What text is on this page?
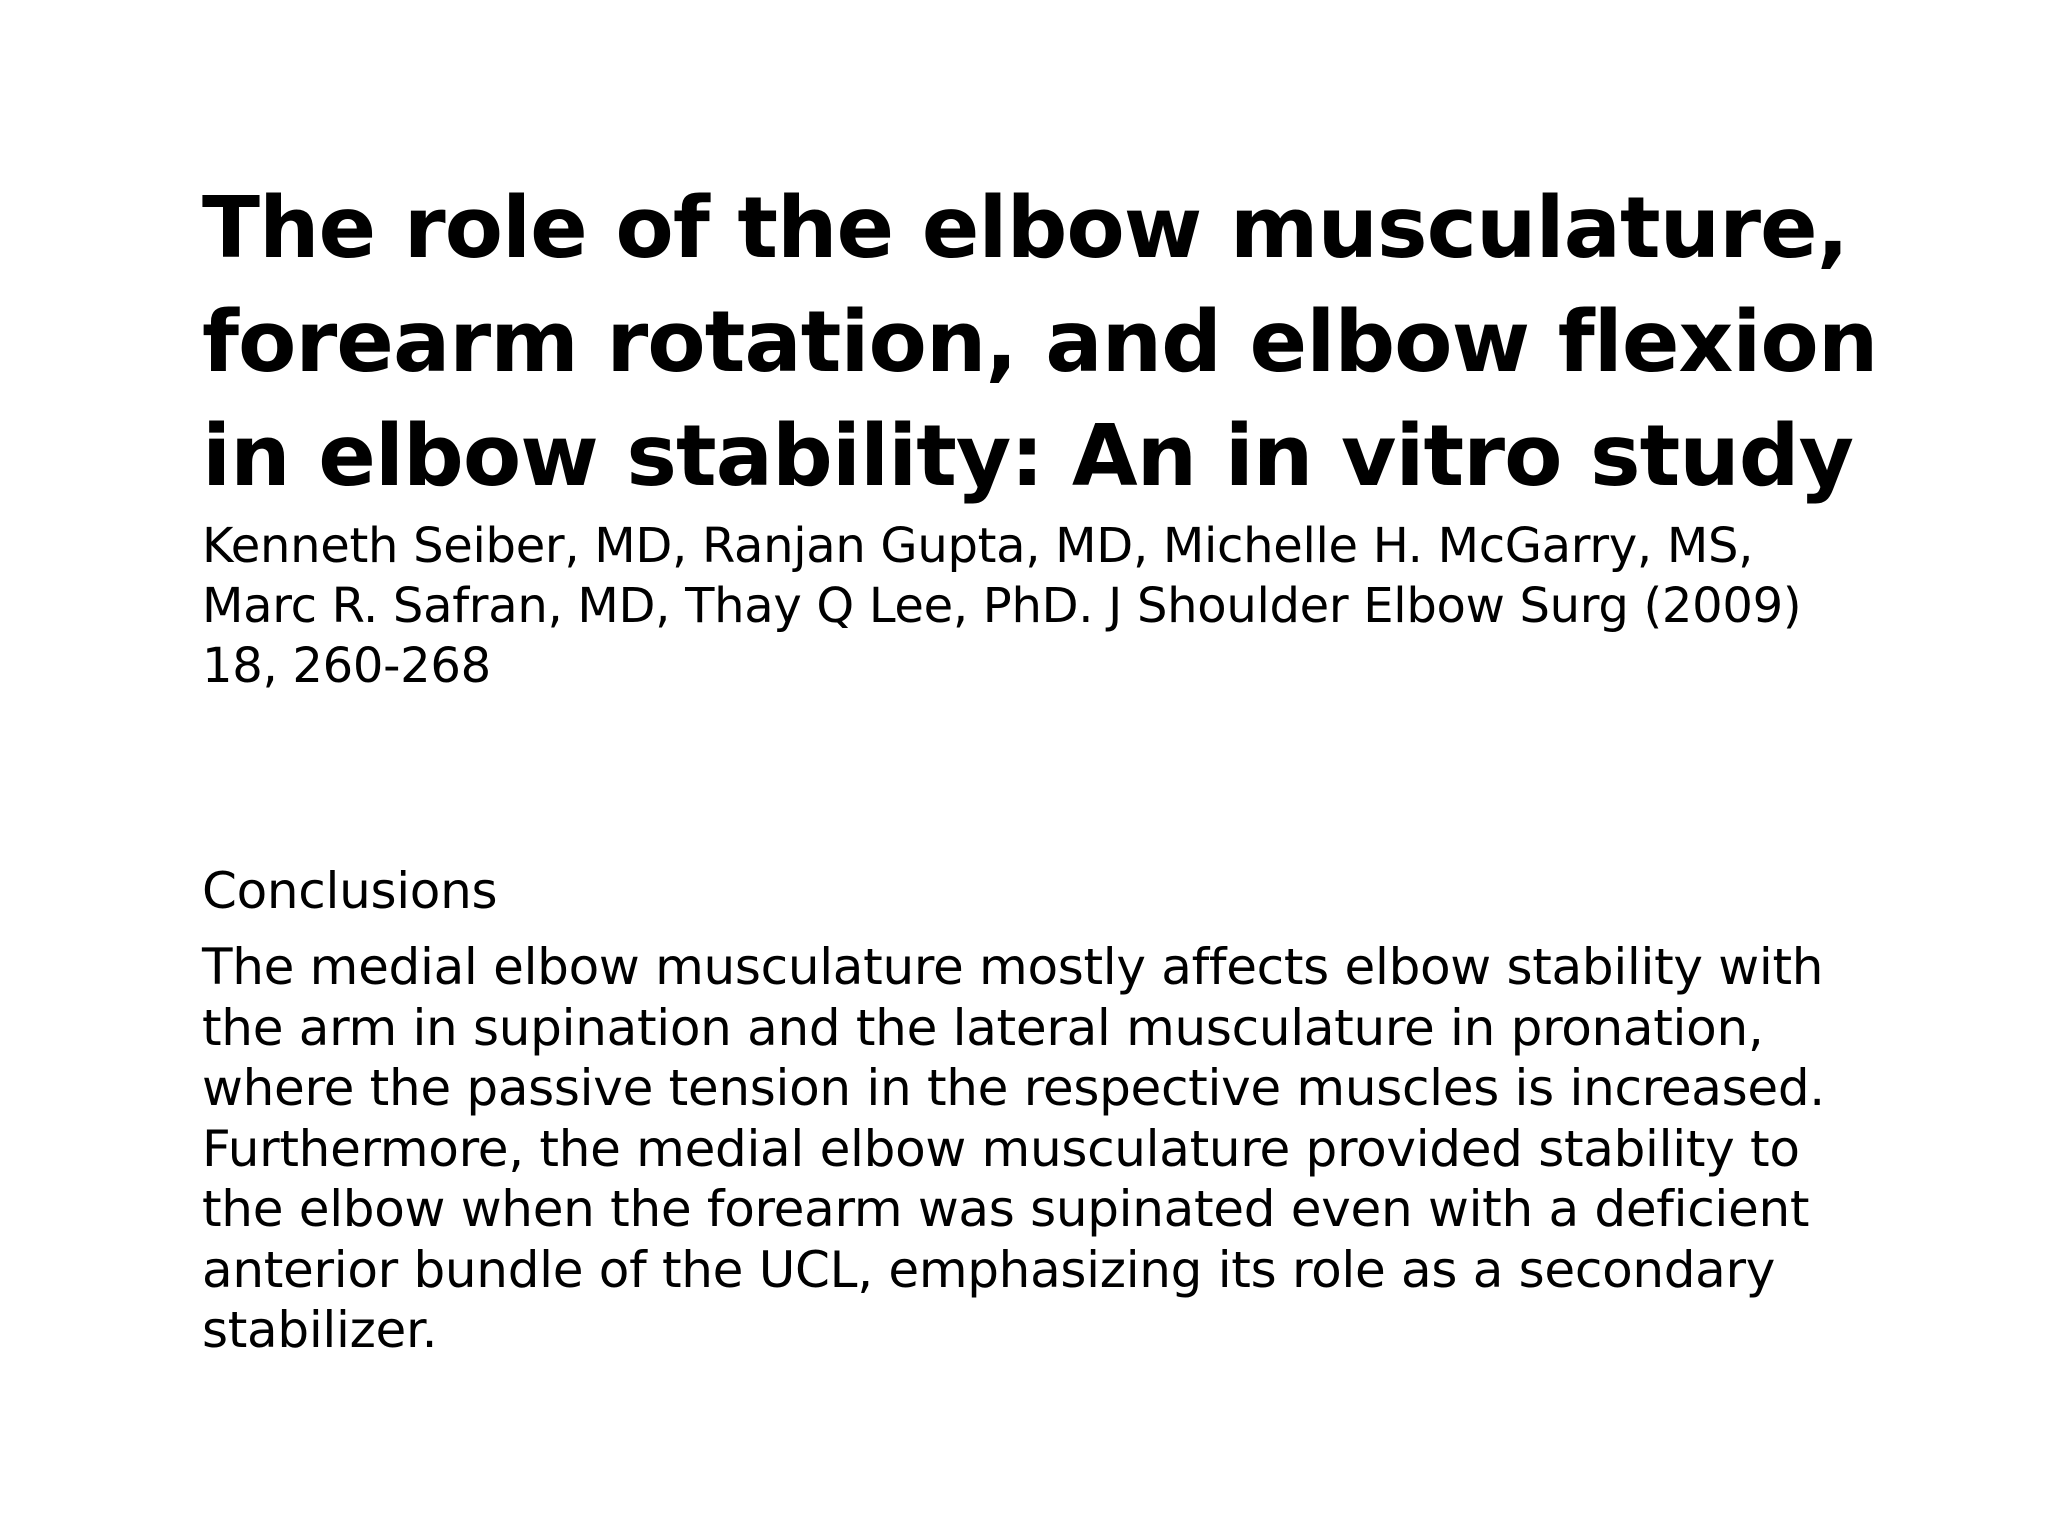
The role of the elbow musculature,
forearm rotation, and elbow flexion
in elbow stability: An in vitro study

Kenneth Seiber, MD, Ranjan Gupta, MD, Michelle H. McGarry, MS,
Marc R. Safran, MD, Thay Q Lee, PhD. J Shoulder Elbow Surg (2009)
18, 260-268

Conclusions

The medial elbow musculature mostly affects elbow stability with
the arm in supination and the lateral musculature in pronation,
where the passive tension in the respective muscles is increased.
Furthermore, the medial elbow musculature provided stability to
the elbow when the forearm was supinated even with a deficient
anterior bundle of the UCL, emphasizing its role as a secondary
stabilizer.
